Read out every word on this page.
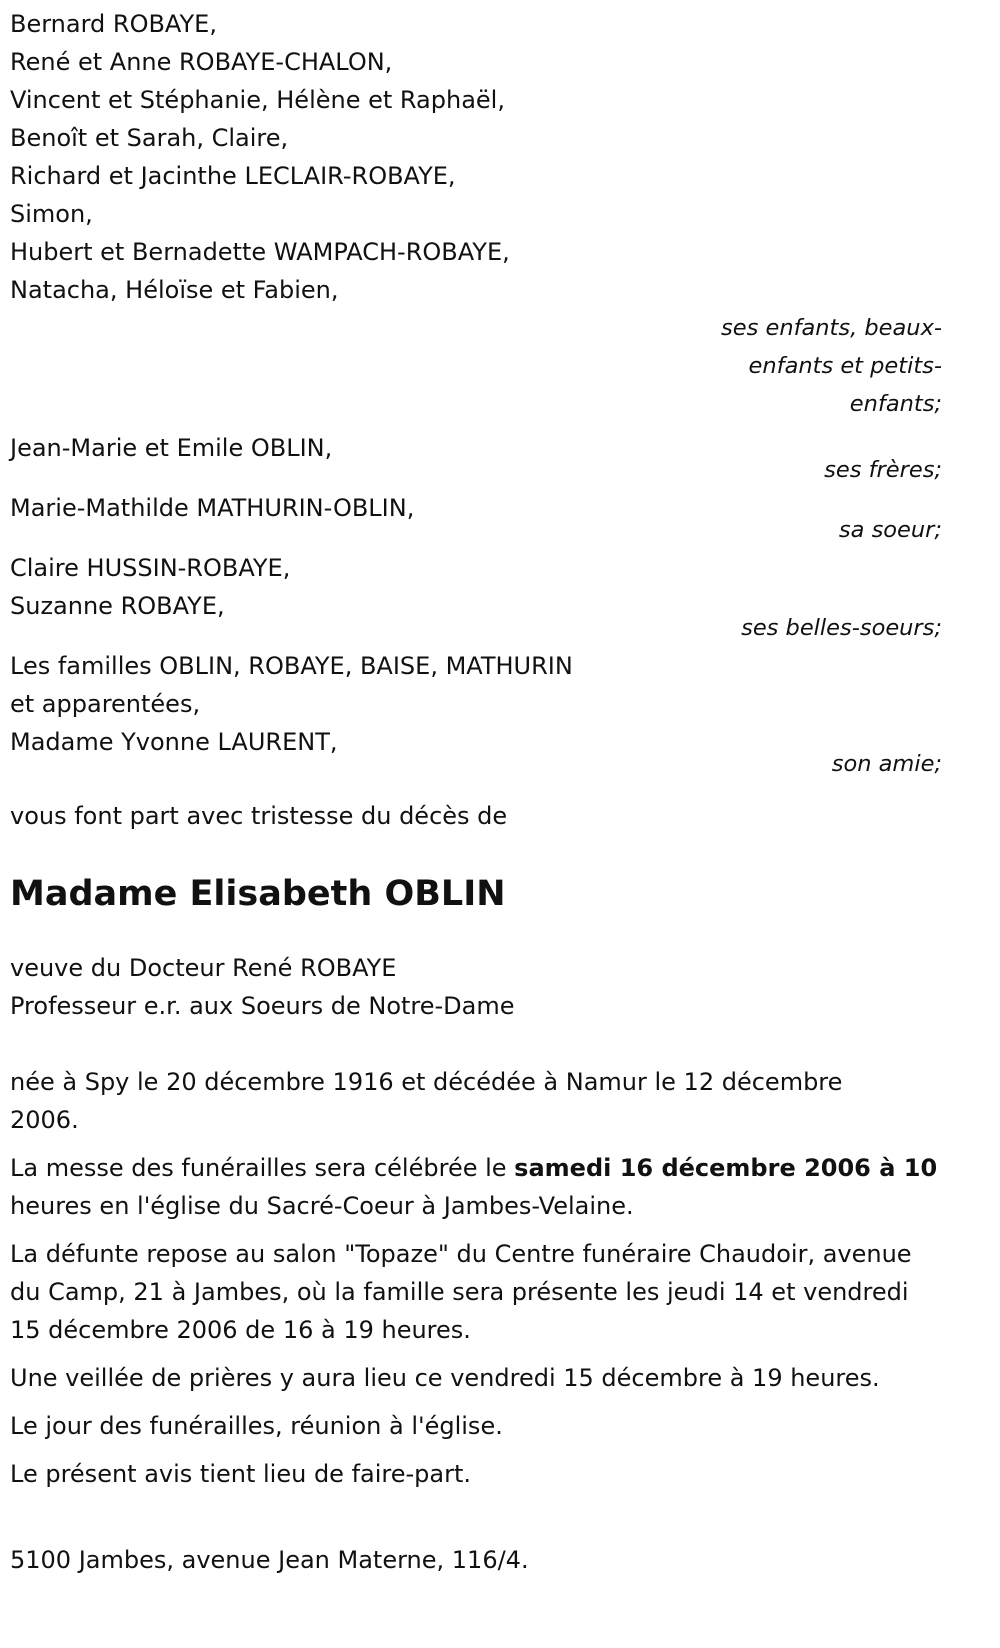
Bernard ROBAYE,
René et Anne ROBAYE-CHALON,
Vincent et Stéphanie, Hélène et Raphaël,
Benoît et Sarah, Claire,
Richard et Jacinthe LECLAIR-ROBAYE,
Simon,
Hubert et Bernadette WAMPACH-ROBAYE,
Natacha, Héloïse et Fabien,
ses enfants, beaux-
enfants et petits-
enfants;
Jean-Marie et Emile OBLIN,
ses frères;
Marie-Mathilde MATHURIN-OBLIN,
sa soeur;
Claire HUSSIN-ROBAYE,
Suzanne ROBAYE,
ses belles-soeurs;
Les familles OBLIN, ROBAYE, BAISE, MATHURIN
et apparentées,
Madame Yvonne LAURENT,
son amie;
vous font part avec tristesse du décès de
Madame Elisabeth OBLIN
veuve du Docteur René ROBAYE
Professeur e.r. aux Soeurs de Notre-Dame
née à Spy le 20 décembre 1916 et décédée à Namur le 12 décembre 2006.
La messe des funérailles sera célébrée le samedi 16 décembre 2006 à 10 heures en l'église du Sacré-Coeur à Jambes-Velaine.
La défunte repose au salon "Topaze" du Centre funéraire Chaudoir, avenue du Camp, 21 à Jambes, où la famille sera présente les jeudi 14 et vendredi 15 décembre 2006 de 16 à 19 heures.
Une veillée de prières y aura lieu ce vendredi 15 décembre à 19 heures.
Le jour des funérailles, réunion à l'église.
Le présent avis tient lieu de faire-part.
5100 Jambes, avenue Jean Materne, 116/4.
